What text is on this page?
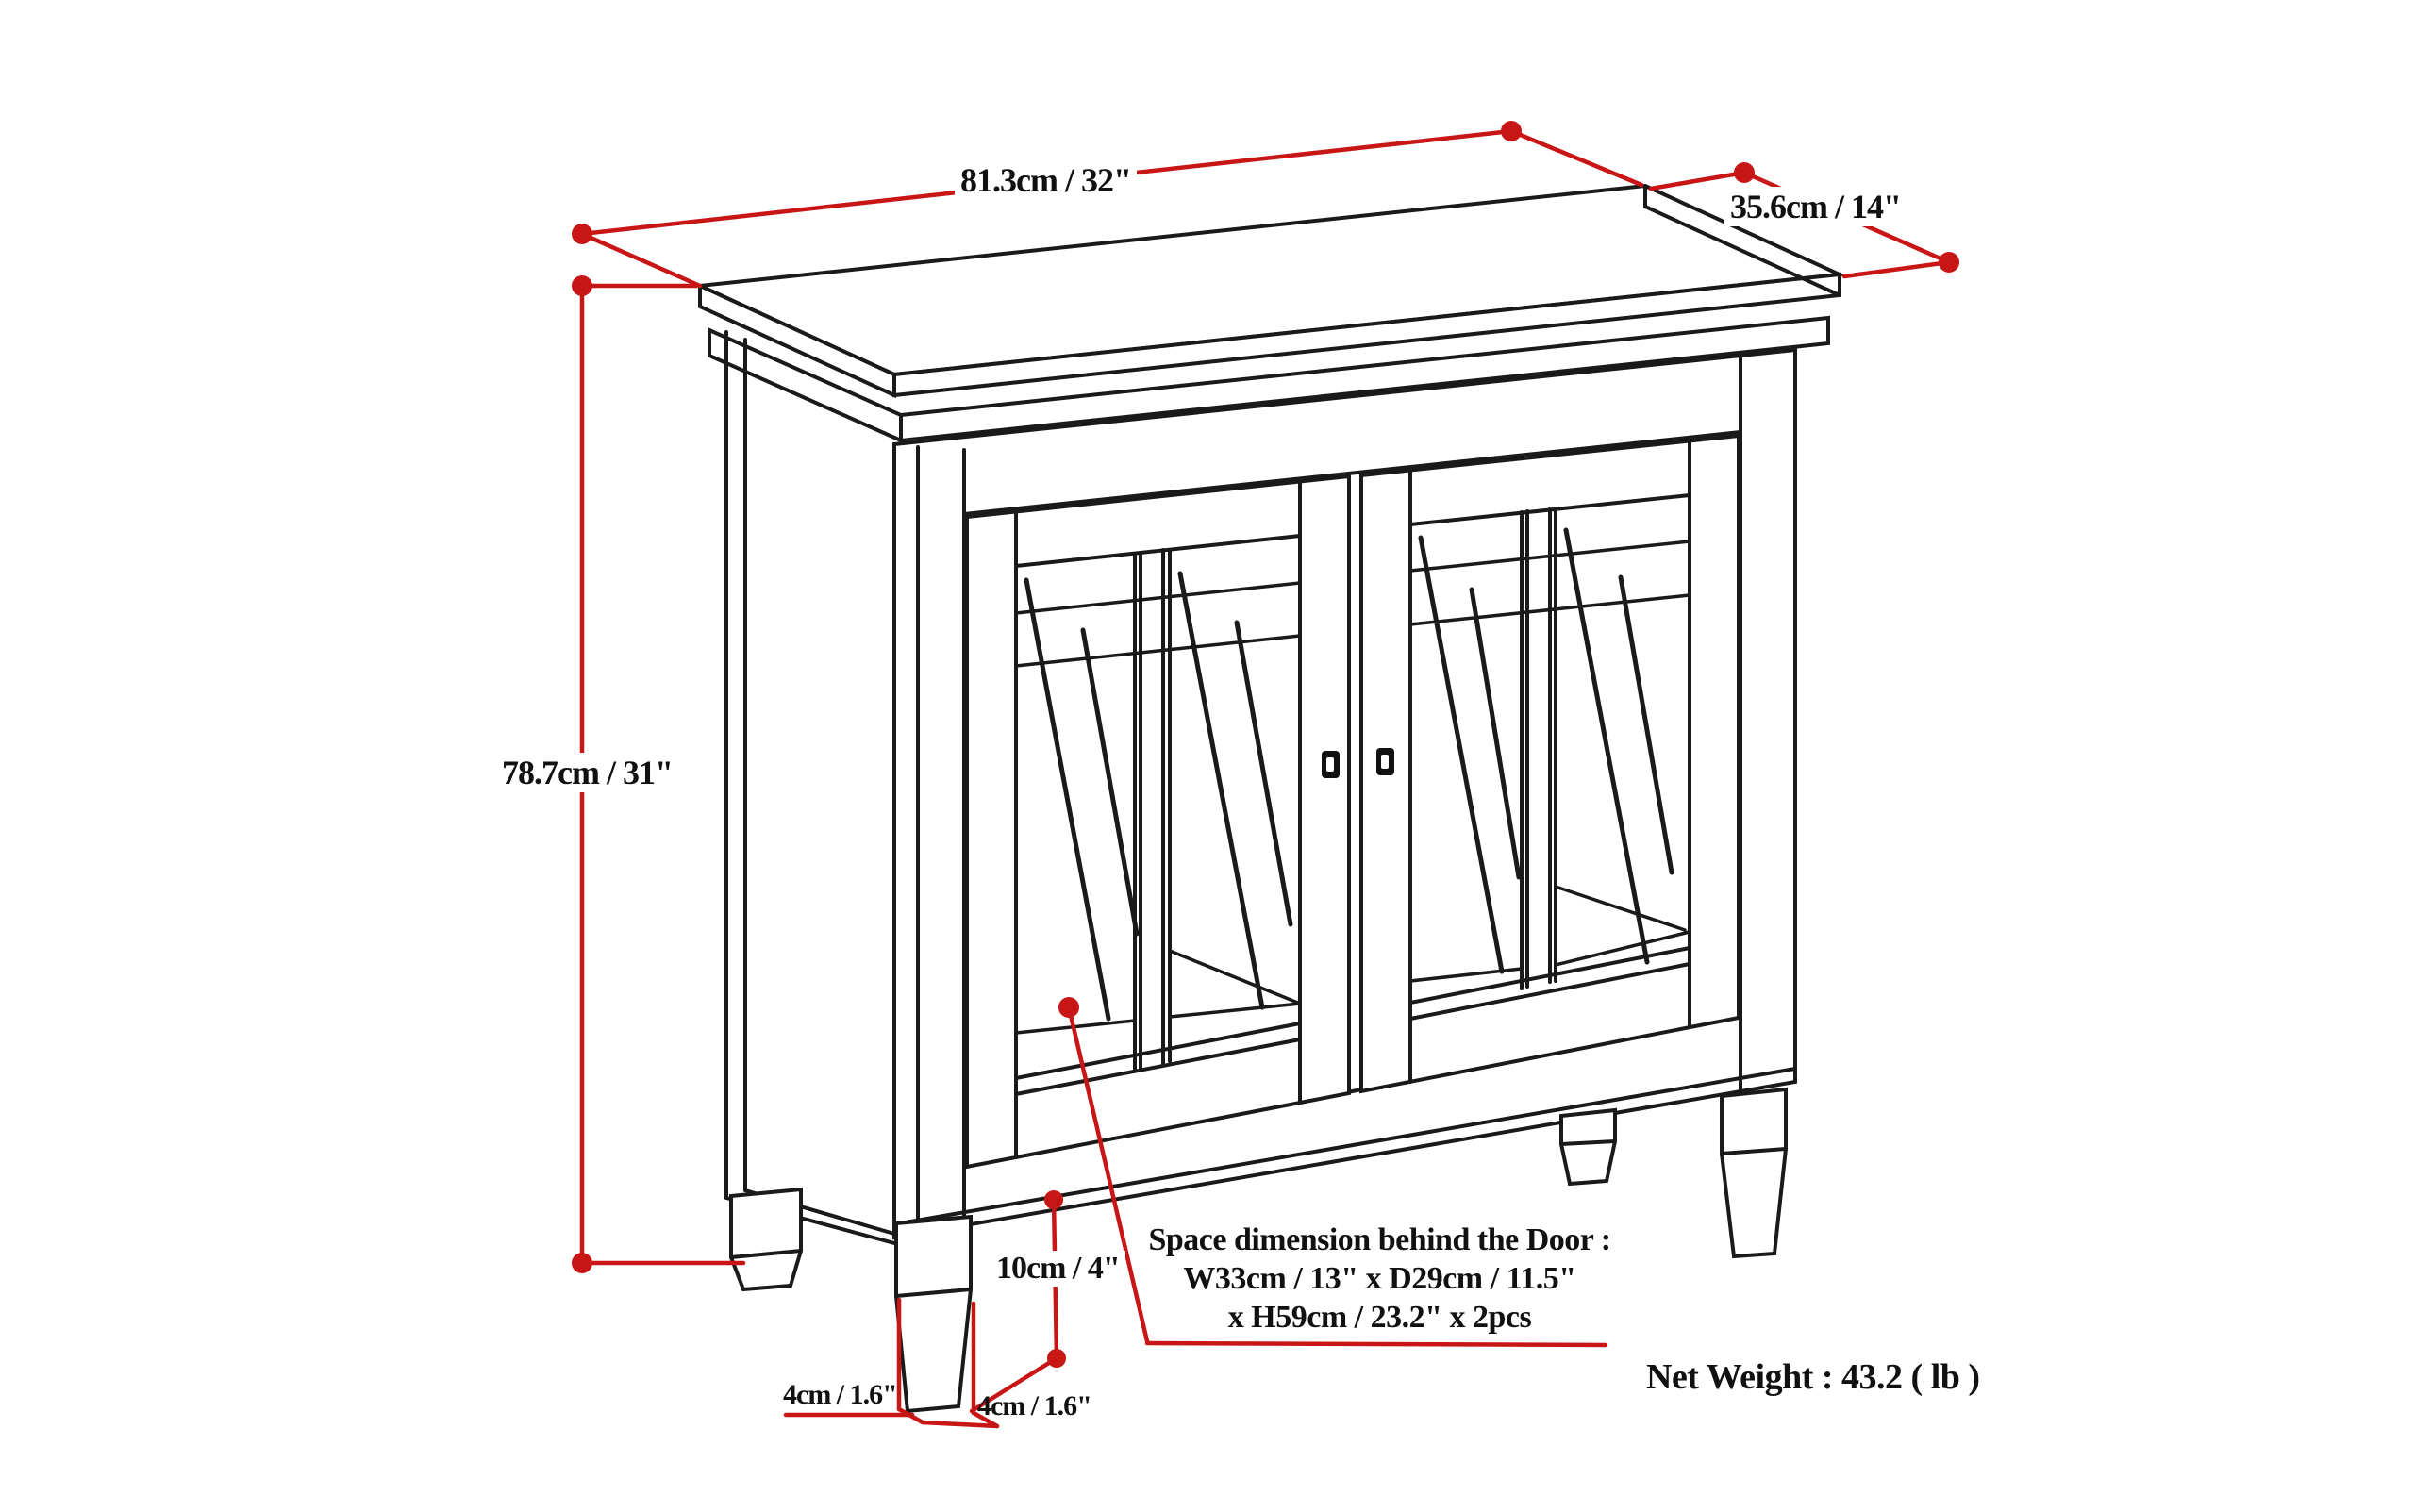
81.3cm / 32"
35.6cm / 14"
78.7cm / 31"
10cm / 4"
4cm / 1.6"	4cm / 1.6"
Space dimension behind the Door :
W33cm / 13" x D29cm / 11.5"
x H59cm / 23.2" x 2pcs
Net Weight : 43.2 ( lb )
